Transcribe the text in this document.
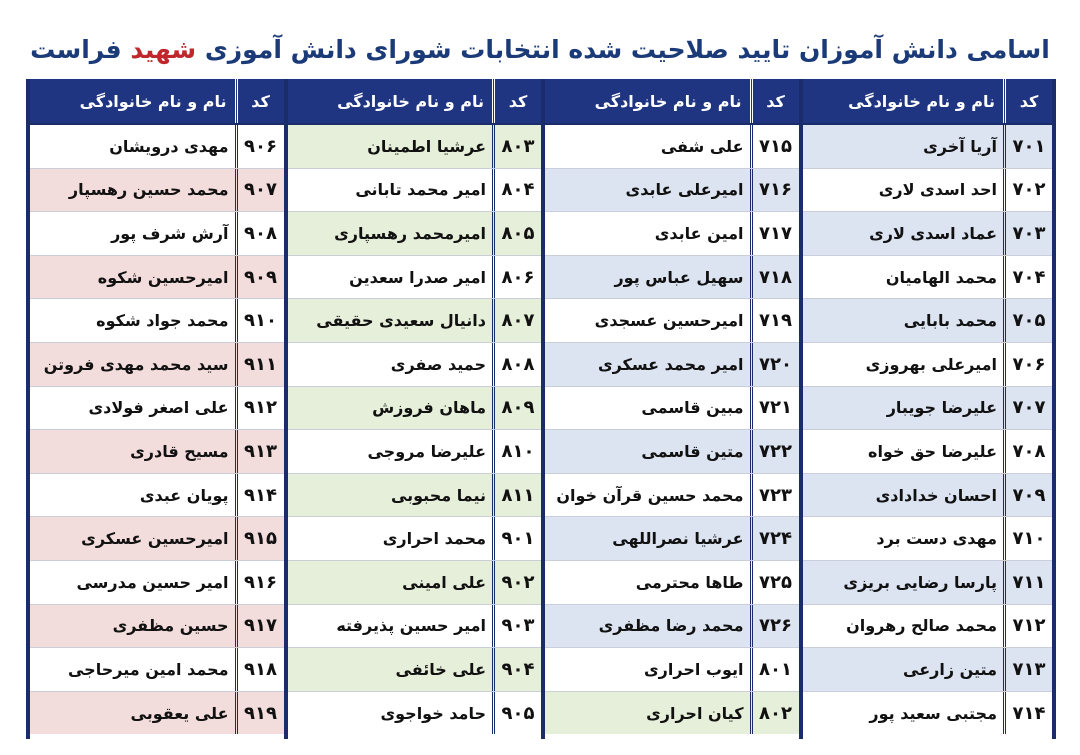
اسامی دانش آموزان تایید صلاحیت شده انتخابات شورای دانش آموزی شهید فراست
کد
نام و نام خانوادگی
۷۰۱
آریا آخری
۷۰۲
احد اسدی لاری
۷۰۳
عماد اسدی لاری
۷۰۴
محمد الهامیان
۷۰۵
محمد بابایی
۷۰۶
امیرعلی بهروزی
۷۰۷
علیرضا جویبار
۷۰۸
علیرضا حق خواه
۷۰۹
احسان خدادادی
۷۱۰
مهدی دست برد
۷۱۱
پارسا رضایی بریزی
۷۱۲
محمد صالح رهروان
۷۱۳
متین زارعی
۷۱۴
مجتبی سعید پور
کد
نام و نام خانوادگی
۷۱۵
علی شفی
۷۱۶
امیرعلی عابدی
۷۱۷
امین عابدی
۷۱۸
سهیل عباس پور
۷۱۹
امیرحسین عسجدی
۷۲۰
امیر محمد عسکری
۷۲۱
مبین قاسمی
۷۲۲
متین قاسمی
۷۲۳
محمد حسین قرآن خوان
۷۲۴
عرشیا نصراللهی
۷۲۵
طاها محترمی
۷۲۶
محمد رضا مظفری
۸۰۱
ایوب احراری
۸۰۲
کیان احراری
کد
نام و نام خانوادگی
۸۰۳
عرشیا اطمینان
۸۰۴
امیر محمد تابانی
۸۰۵
امیرمحمد رهسپاری
۸۰۶
امیر صدرا سعدین
۸۰۷
دانیال سعیدی حقیقی
۸۰۸
حمید صفری
۸۰۹
ماهان فروزش
۸۱۰
علیرضا مروجی
۸۱۱
نیما محبوبی
۹۰۱
محمد احراری
۹۰۲
علی امینی
۹۰۳
امیر حسین پذیرفته
۹۰۴
علی خائفی
۹۰۵
حامد خواجوی
کد
نام و نام خانوادگی
۹۰۶
مهدی درویشان
۹۰۷
محمد حسین رهسپار
۹۰۸
آرش شرف پور
۹۰۹
امیرحسین شکوه
۹۱۰
محمد جواد شکوه
۹۱۱
سید محمد مهدی فروتن
۹۱۲
علی اصغر فولادی
۹۱۳
مسیح قادری
۹۱۴
پویان عبدی
۹۱۵
امیرحسین عسکری
۹۱۶
امیر حسین مدرسی
۹۱۷
حسین مظفری
۹۱۸
محمد امین میرحاجی
۹۱۹
علی یعقوبی
